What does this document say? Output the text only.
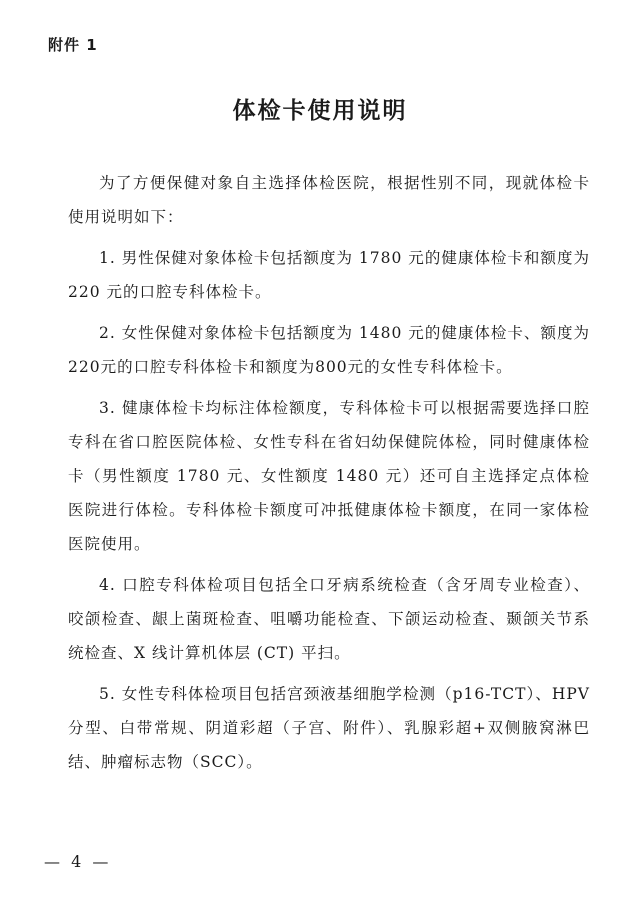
附件 1
体检卡使用说明

为了方便保健对象自主选择体检医院，根据性别不同，现就体检卡使用说明如下：

1. 男性保健对象体检卡包括额度为 1780 元的健康体检卡和额度为 220 元的口腔专科体检卡。

2. 女性保健对象体检卡包括额度为 1480 元的健康体检卡、额度为220元的口腔专科体检卡和额度为800元的女性专科体检卡。

3. 健康体检卡均标注体检额度，专科体检卡可以根据需要选择口腔专科在省口腔医院体检、女性专科在省妇幼保健院体检，同时健康体检卡（男性额度 1780 元、女性额度 1480 元）还可自主选择定点体检医院进行体检。专科体检卡额度可冲抵健康体检卡额度，在同一家体检医院使用。

4. 口腔专科体检项目包括全口牙病系统检查（含牙周专业检查）、咬颌检查、龈上菌斑检查、咀嚼功能检查、下颌运动检查、颞颌关节系统检查、X 线计算机体层 (CT) 平扫。

5. 女性专科体检项目包括宫颈液基细胞学检测（p16-TCT）、HPV 分型、白带常规、阴道彩超（子宫、附件）、乳腺彩超+双侧腋窝淋巴结、肿瘤标志物（SCC）。

— 4 —
